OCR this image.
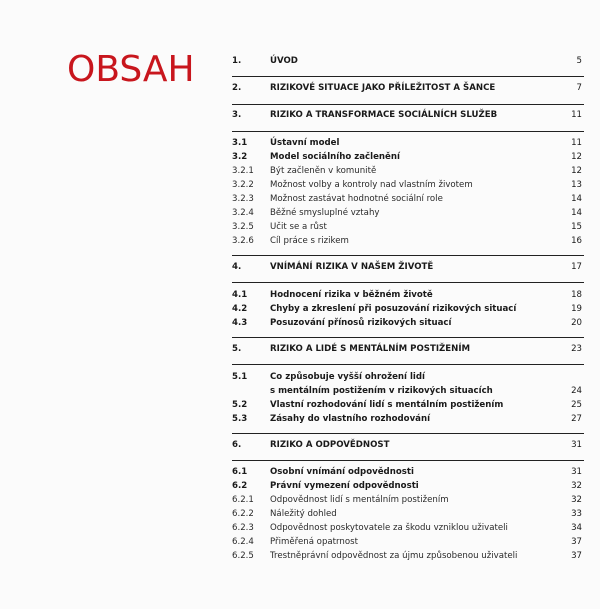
OBSAH	1.	ÚVOD	5
2.	RIZIKOVÉ SITUACE JAKO PŘÍLEŽITOST A ŠANCE	7
3.	RIZIKO A TRANSFORMACE SOCIÁLNÍCH SLUŽEB	11
3.1	Ústavní model	11
3.2	Model sociálního začlenění	12
3.2.1	Být začleněn v komunitě	12
3.2.2	Možnost volby a kontroly nad vlastním životem	13
3.2.3	Možnost zastávat hodnotné sociální role	14
3.2.4	Běžné smysluplné vztahy	14
3.2.5	Učit se a růst	15
3.2.6	Cíl práce s rizikem	16
4.	VNÍMÁNÍ RIZIKA V NAŠEM ŽIVOTĚ	17
4.1	Hodnocení rizika v běžném životě	18
4.2	Chyby a zkreslení při posuzování rizikových situací	19
4.3	Posuzování přínosů rizikových situací	20
5.	RIZIKO A LIDÉ S MENTÁLNÍM POSTIŽENÍM	23
5.1	Co způsobuje vyšší ohrožení lidí
s mentálním postižením v rizikových situacích	24
5.2	Vlastní rozhodování lidí s mentálním postižením	25
5.3	Zásahy do vlastního rozhodování	27
6.	RIZIKO A ODPOVĚDNOST	31
6.1	Osobní vnímání odpovědnosti	31
6.2	Právní vymezení odpovědnosti	32
6.2.1	Odpovědnost lidí s mentálním postižením	32
6.2.2	Náležitý dohled	33
6.2.3	Odpovědnost poskytovatele za škodu vzniklou uživateli	34
6.2.4	Přiměřená opatrnost	37
6.2.5	Trestněprávní odpovědnost za újmu způsobenou uživateli	37
